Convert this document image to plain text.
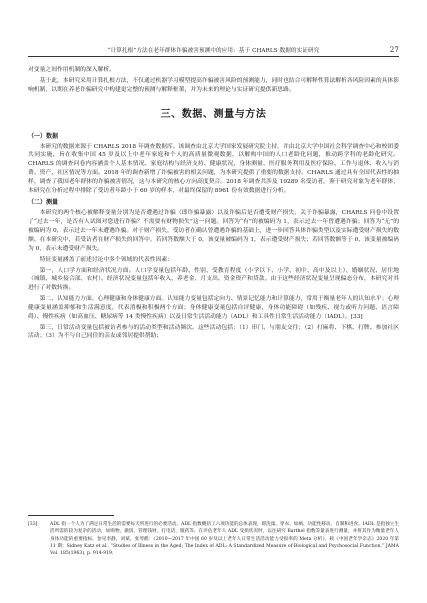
“计算扎根”方法在老年群体诈骗被害预测中的应用：基于 CHARLS 数据的实证研究	27

对变量之间作用机制的深入解析。

基于此，本研究采用计算扎根方法，不仅通过机器学习模型提高诈骗被害风险的预测能力，同时也结合可解释性算法解析各风险因素的具体影响机制，以期在养老诈骗研究中构建更完整的预测与解释框架，并为未来的理论与实证研究提供新思路。

三、数据、测量与方法
（一）数据

本研究的数据来源于 CHARLS 2018 年调查数据库。该调查由北京大学国家发展研究院主持，并由北京大学中国社会科学调查中心和校团委共同实施，旨在收集中国 45 岁及以上中老年家庭和个人的高质量微观数据，以解构中国的人口老龄化问题，推动跨学科的老龄化研究。CHARLS 的调查问卷内容涵盖个人基本情况、家庭结构与经济支持、健康状况、身体测量、医疗服务利用及医疗保险、工作与退休、收入与消费、资产、社区情况等方面。2018 年的调查新增了诈骗被害的相关问题，为本研究提供了重要的数据支持。CHARLS 通过具有全国代表性的抽样，调查了我国老年群体的诈骗被害情况，这与本研究的核心方向高度契合。2018 年调查共涉及 19289 名受访者。鉴于研究对象为老年群体，本研究在分析过程中排除了受访者年龄小于 60 岁的样本，对最终保留的 8961 份有效数据进行分析。

（二）测量

本研究的两个核心被解释变量分别为是否遭遇过诈骗（即诈骗暴露）以及诈骗后是否遭受财产损失。关于诈骗暴露，CHARLS 问卷中设置了“过去一年，是否有人试图对您进行诈骗？不需要有财物损失”这一问题。回答为“有”的被编码为 1，表示过去一年曾遭遇诈骗；回答为“无”的被编码为 0，表示过去一年未遭遇诈骗。对于财产损失，受访者在确认曾遭遇诈骗的基础上，进一步回答具体诈骗类型以及实际遭受财产损失的数额。在本研究中，若受访者在财产损失的回答中，若回答数额大于 0，该变量被编码为 1，表示遭受财产损失；若回答数额等于 0，该变量被编码为 0，表示未遭受财产损失。

特征变量涵盖了前述讨论中多个领域的代表性因素：

第一，人口学方面和经济状况方面。人口学变量包括年龄、性别、受教育程度（小学以下、小学、初中、高中及以上）、婚姻状况、居住地（城镇、城乡接合部、农村）。经济状况变量包括年收入、养老金、月支出、资金资产和贷款。由于这些经济状况变量呈现偏态分布，本研究对其进行了对数转换。

第二，认知能力方面、心理健康和身体健康方面。认知能力变量包括定向力、情景记忆能力和计算能力，常用于衡量老年人的认知水平；心理健康变量涵盖抑郁和生活满意度，代表消极和积极两个方面；身体健康变量包括自评健康、身体功能障碍（如残疾、视力或听力问题、语言障碍）、慢性疾病（如高血压、糖尿病等 14 类慢性疾病）以及日常生活活动能力（ADL）和工具性日常生活活动能力（IADL）。[33]

第三，日常活动变量包括被访者参与的活动类型和活动频次。这些活动包括：（1）串门、与朋友交往；（2）打麻将、下棋、打牌、参加社区活动；（3）为不与自己同住的亲友或邻居提供帮助；

[33]	ADL 指一个人为了满足日常生活的需要每天所进行的必要活动。ADL 指数概括了六项功能的总体表现，即洗澡、穿衣、如厕、功能性移动、自制和进食。IADL 是指独立生活所需的较为复杂的活动，如购物、做饭、管理钱财、打电话、服药等。在评估老年人 ADL 受损状况时，以往研究 Barthel 指数等量表进行测量，并将其作为衡量老年人身体功能的重要指标。参见李静、刘斌、张琴鹤：《2010—2017 年中国 60 岁及以上老年人日常生活活动能力受损率的 Meta 分析》，载《中国老年学杂志》2020 年第 11 期；Sidney Katz et al., “Studies of Illness in the Aged; The Index of ADL: A Standardized Measure of Biological and Psychosocial Function,” JAMA Vol. 185(1963), p. 914-919.
